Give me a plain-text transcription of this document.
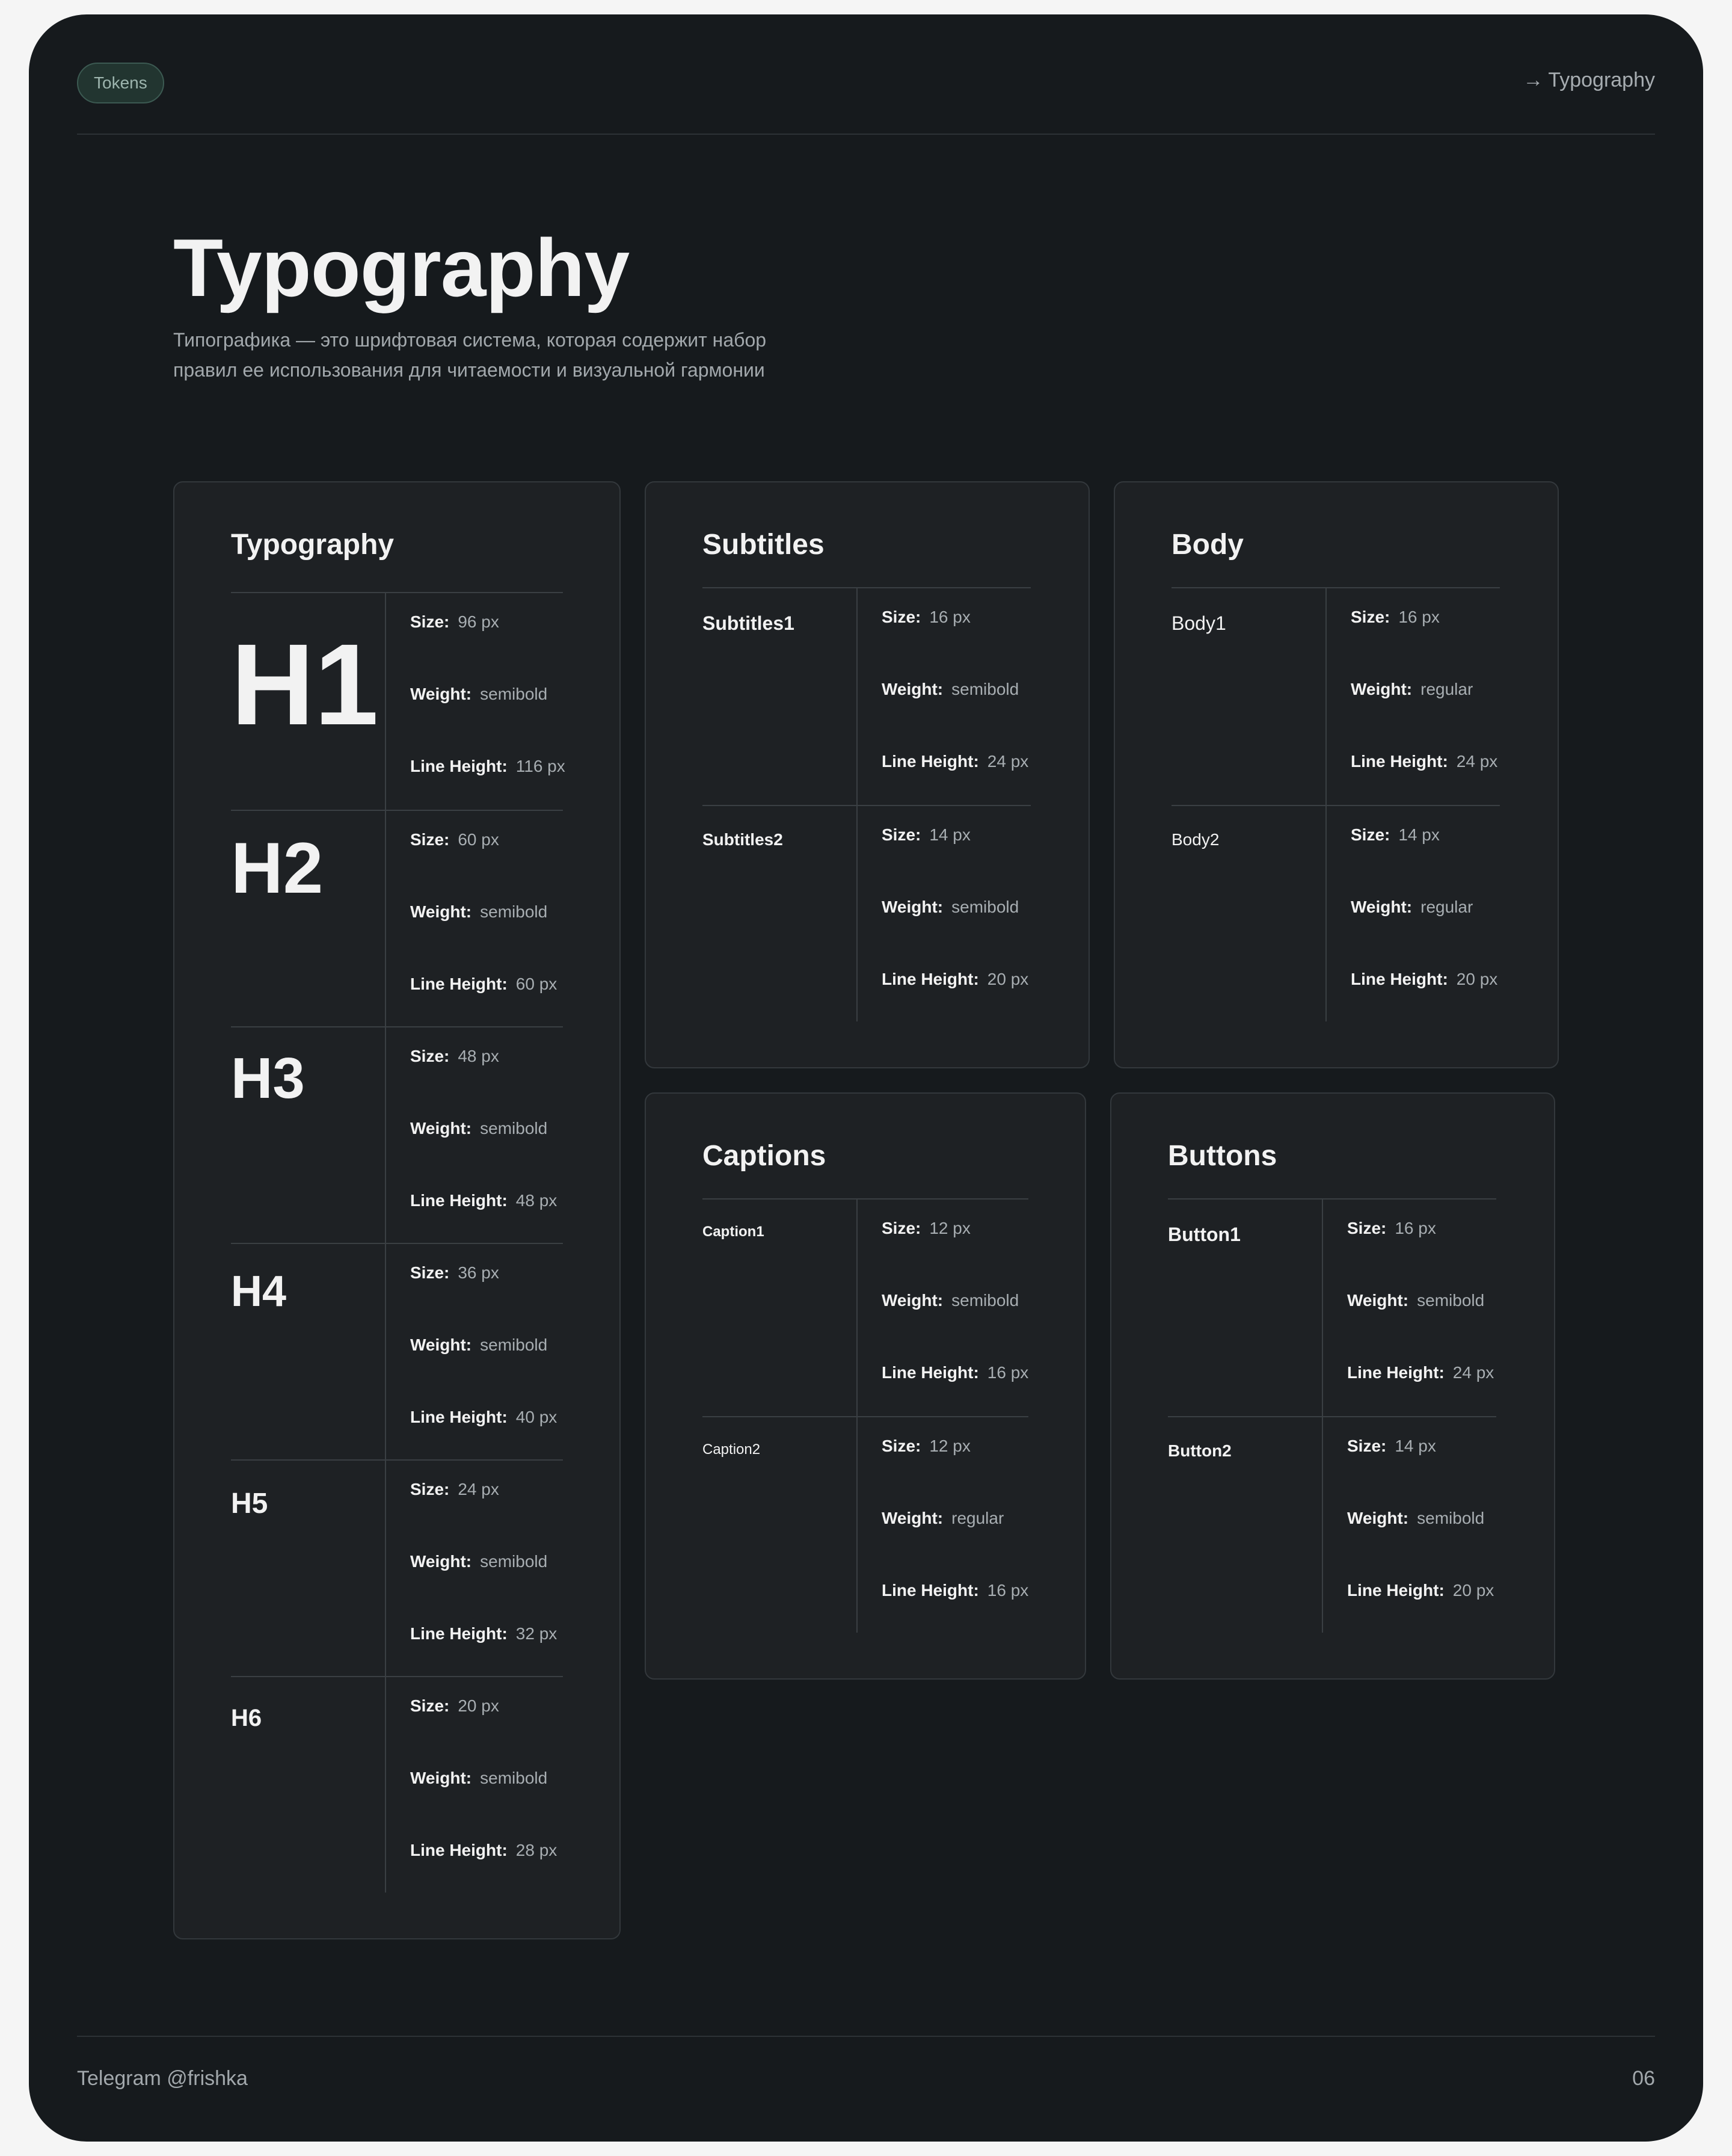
Tokens	→ Typography
Typography
Типографика — это шрифтовая система, которая содержит набор
правил ее использования для читаемости и визуальной гармонии
Typography
H1 Size: 96 px
Weight: semibold
Line Height: 116 px
H2	Size: 60 px
Weight: semibold
Line Height: 60 px
H3	Size: 48 px
Weight: semibold
Line Height: 48 px
H4	Size: 36 px
Weight: semibold
Line Height: 40 px
H5	Size: 24 px
Weight: semibold
Line Height: 32 px
H6	Size: 20 px
Weight: semibold
Line Height: 28 px
Subtitles
Subtitles1	Size: 16 px
Weight: semibold
Line Height: 24 px
Subtitles2	Size: 14 px
Weight: semibold
Line Height: 20 px
Body
Body1	Size: 16 px
Weight: regular
Line Height: 24 px
Body2	Size: 14 px
Weight: regular
Line Height: 20 px
Captions
Caption1	Size: 12 px
Weight: semibold
Line Height: 16 px
Caption2	Size: 12 px
Weight: regular
Line Height: 16 px
Buttons
Button1	Size: 16 px
Weight: semibold
Line Height: 24 px
Button2	Size: 14 px
Weight: semibold
Line Height: 20 px
Telegram @frishka	06
